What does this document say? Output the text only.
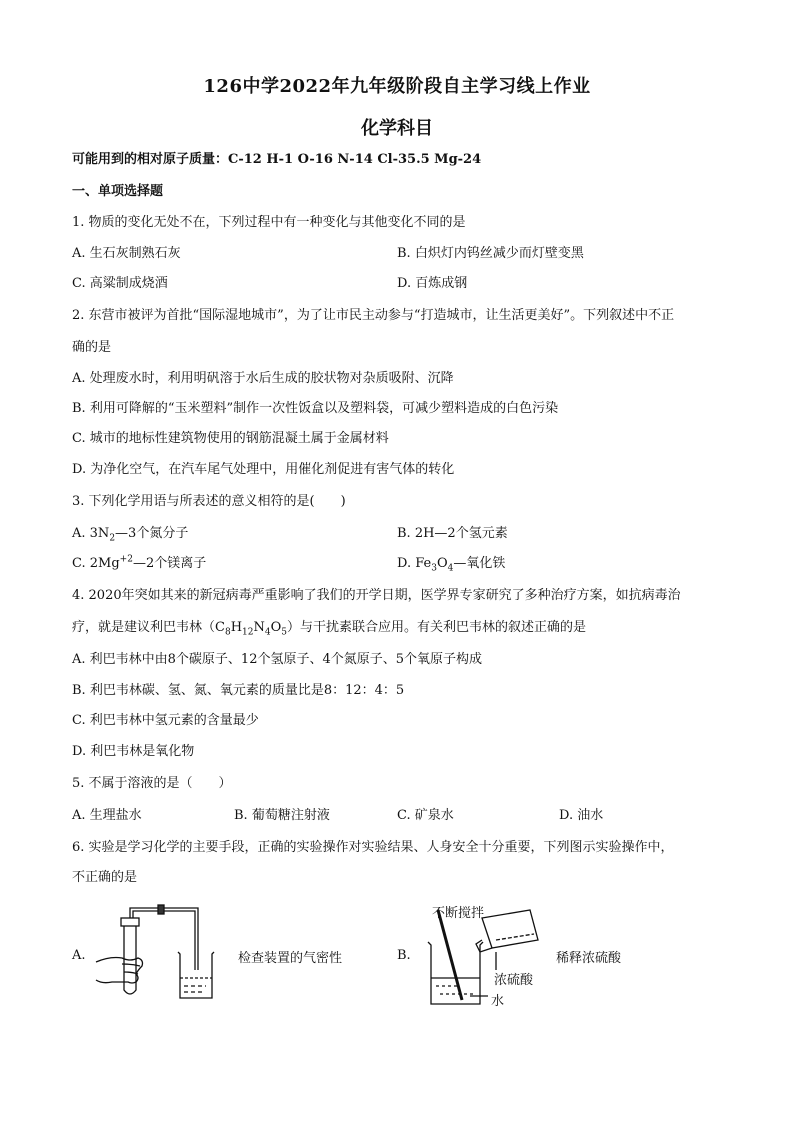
126中学2022年九年级阶段自主学习线上作业
化学科目
可能用到的相对原子质量：C-12 H-1 O-16 N-14 Cl-35.5 Mg-24
一、单项选择题
1. 物质的变化无处不在，下列过程中有一种变化与其他变化不同的是
A. 生石灰制熟石灰	B. 白炽灯内钨丝减少而灯壁变黑
C. 高粱制成烧酒	D. 百炼成钢
2. 东营市被评为首批“国际湿地城市”，为了让市民主动参与“打造城市，让生活更美好”。下列叙述中不正
确的是
A. 处理废水时，利用明矾溶于水后生成的胶状物对杂质吸附、沉降
B. 利用可降解的“玉米塑料”制作一次性饭盒以及塑料袋，可减少塑料造成的白色污染
C. 城市的地标性建筑物使用的钢筋混凝土属于金属材料
D. 为净化空气，在汽车尾气处理中，用催化剂促进有害气体的转化
3. 下列化学用语与所表述的意义相符的是(　　)
A. $3N_2—3$个氮分子	B. 2H—2个氢元素
C. $2Mg^{+2}—2$个镁离子	D. $Fe_3O_4—$氧化铁
4. 2020年突如其来的新冠病毒严重影响了我们的开学日期，医学界专家研究了多种治疗方案，如抗病毒治
疗，就是建议利巴韦林$(C_8H_{12}N_4O_5)$与干扰素联合应用。有关利巴韦林的叙述正确的是
A. 利巴韦林中由8个碳原子、12个氢原子、4个氮原子、5个氧原子构成
B. 利巴韦林碳、氢、氮、氧元素的质量比是8：12：4：5
C. 利巴韦林中氢元素的含量最少
D. 利巴韦林是氧化物
5. 不属于溶液的是（　　）
A. 生理盐水	B. 葡萄糖注射液	C. 矿泉水	D. 油水
6. 实验是学习化学的主要手段，正确的实验操作对实验结果、人身安全十分重要，下列图示实验操作中，
不正确的是
A.	检查装置的气密性	B.
不断搅拌
稀释浓硫酸
浓硫酸
水
